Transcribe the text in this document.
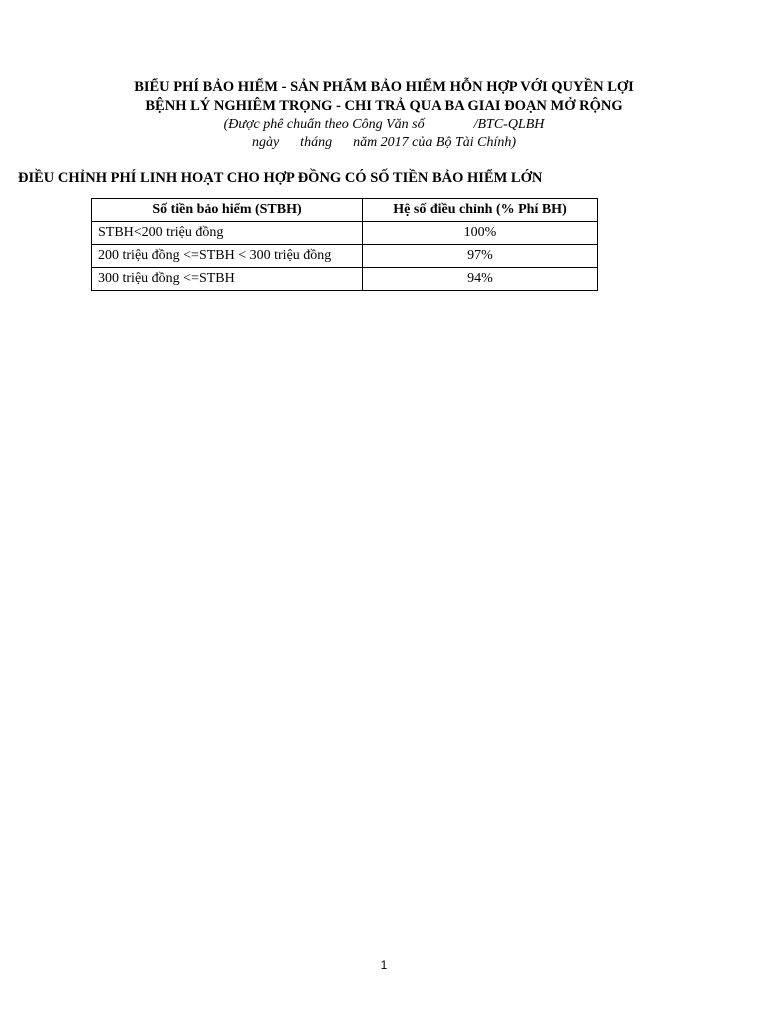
BIỂU PHÍ BẢO HIỂM - SẢN PHẨM BẢO HIỂM HỖN HỢP VỚI QUYỀN LỢI
BỆNH LÝ NGHIÊM TRỌNG - CHI TRẢ QUA BA GIAI ĐOẠN MỞ RỘNG
(Được phê chuẩn theo Công Văn số              /BTC-QLBH
ngày      tháng      năm 2017 của Bộ Tài Chính)
ĐIỀU CHỈNH PHÍ LINH HOẠT CHO HỢP ĐỒNG CÓ SỐ TIỀN BẢO HIỂM LỚN
Số tiền bảo hiểm (STBH)	Hệ số điều chỉnh (% Phí BH)
STBH<200 triệu đồng	100%
200 triệu đồng <=STBH < 300 triệu đồng	97%
300 triệu đồng <=STBH	94%
1
